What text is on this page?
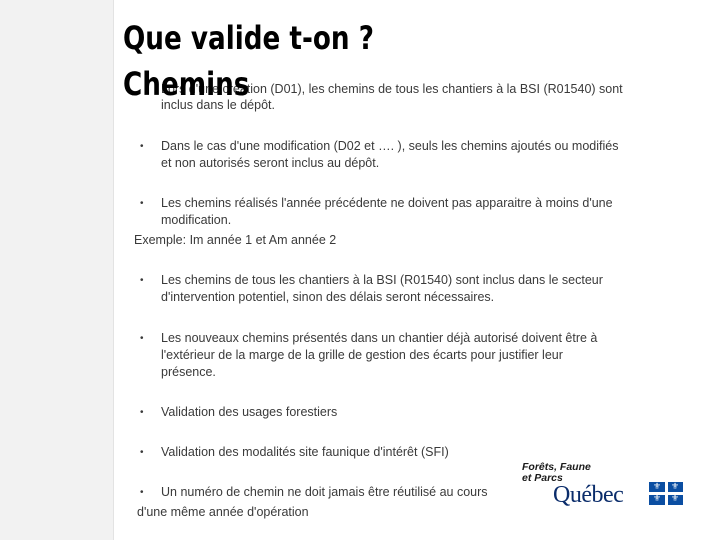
Que valide t-on ?
Lors d'une création (D01), les chemins de tous les chantiers à la BSI (R01540) sont
inclus dans le dépôt.
Chemins
• Dans le cas d'une modification (D02 et …. ), seuls les chemins ajoutés ou modifiés
et non autorisés seront inclus au dépôt.
• Les chemins réalisés l'année précédente ne doivent pas apparaitre à moins d'une
modification.
Exemple: Im année 1 et Am année 2
• Les chemins de tous les chantiers à la BSI (R01540) sont inclus dans le secteur
d'intervention potentiel, sinon des délais seront nécessaires.
• Les nouveaux chemins présentés dans un chantier déjà autorisé doivent être à
l'extérieur de la marge de la grille de gestion des écarts pour justifier leur
présence.
• Validation des usages forestiers
• Validation des modalités site faunique d'intérêt (SFI)
• Un numéro de chemin ne doit jamais être réutilisé au cours
d'une même année d'opération
Forêts, Faune
et Parcs
Québec	⚜ ⚜
⚜ ⚜
